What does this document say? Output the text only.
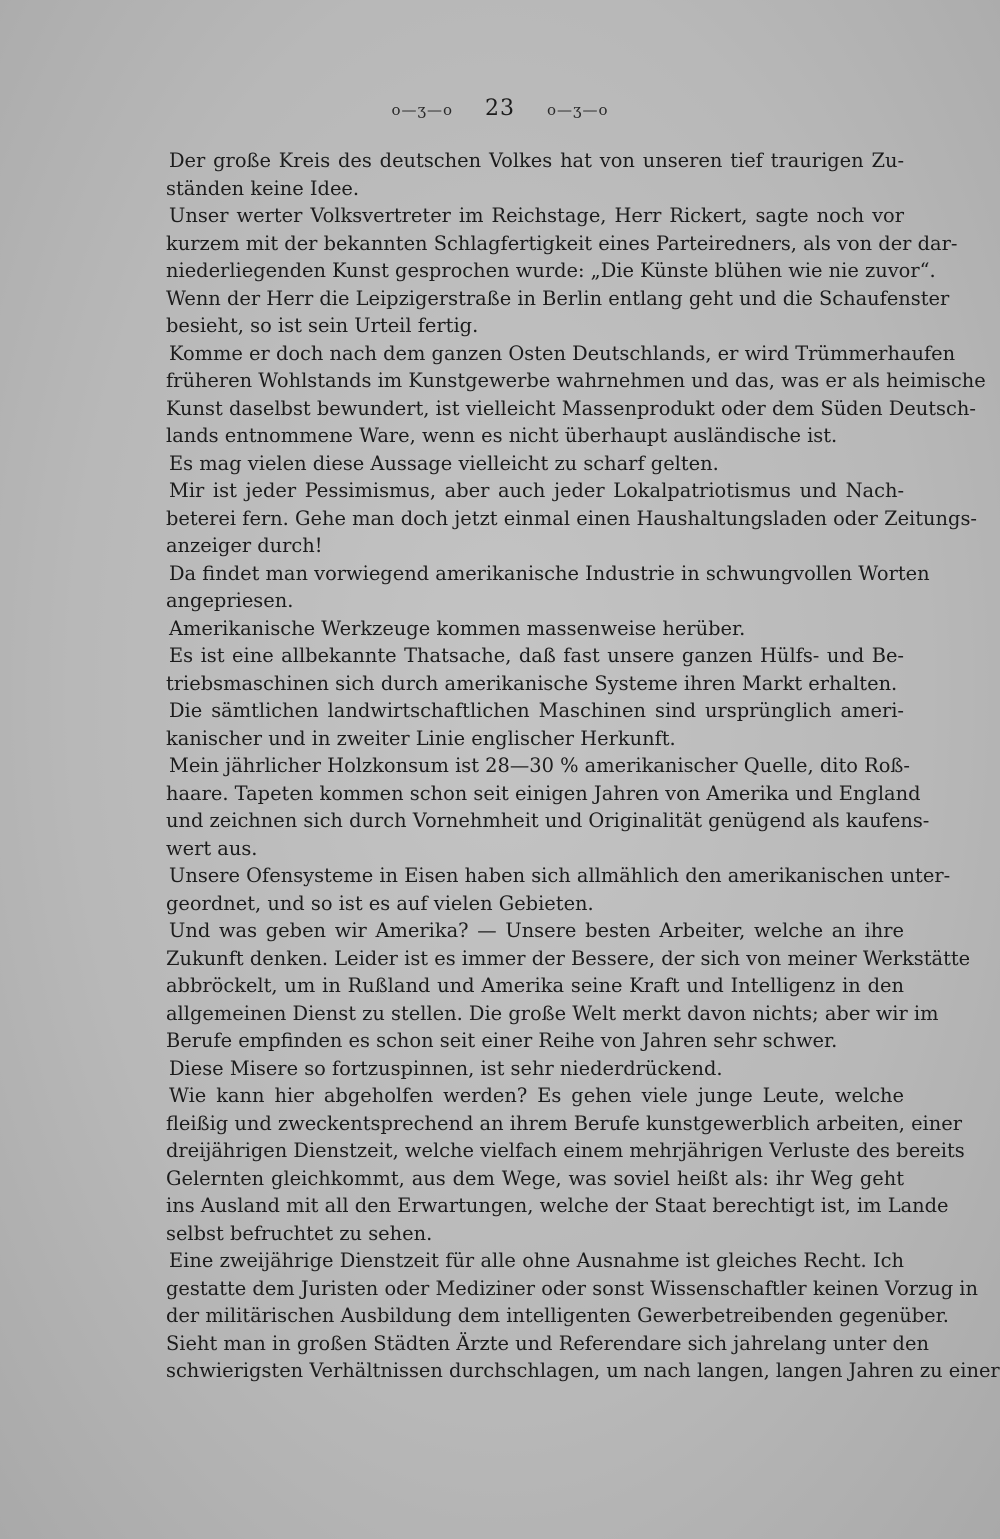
o—ʒ—o 23 o—ʒ—o
Der große Kreis des deutschen Volkes hat von unseren tief traurigen Zu-
ständen keine Idee.
Unser werter Volksvertreter im Reichstage, Herr Rickert, sagte noch vor
kurzem mit der bekannten Schlagfertigkeit eines Parteiredners, als von der dar-
niederliegenden Kunst gesprochen wurde: „Die Künste blühen wie nie zuvor“.
Wenn der Herr die Leipzigerstraße in Berlin entlang geht und die Schaufenster
besieht, so ist sein Urteil fertig.
Komme er doch nach dem ganzen Osten Deutschlands, er wird Trümmerhaufen
früheren Wohlstands im Kunstgewerbe wahrnehmen und das, was er als heimische
Kunst daselbst bewundert, ist vielleicht Massenprodukt oder dem Süden Deutsch-
lands entnommene Ware, wenn es nicht überhaupt ausländische ist.
Es mag vielen diese Aussage vielleicht zu scharf gelten.
Mir ist jeder Pessimismus, aber auch jeder Lokalpatriotismus und Nach-
beterei fern. Gehe man doch jetzt einmal einen Haushaltungsladen oder Zeitungs-
anzeiger durch!
Da findet man vorwiegend amerikanische Industrie in schwungvollen Worten
angepriesen.
Amerikanische Werkzeuge kommen massenweise herüber.
Es ist eine allbekannte Thatsache, daß fast unsere ganzen Hülfs- und Be-
triebsmaschinen sich durch amerikanische Systeme ihren Markt erhalten.
Die sämtlichen landwirtschaftlichen Maschinen sind ursprünglich ameri-
kanischer und in zweiter Linie englischer Herkunft.
Mein jährlicher Holzkonsum ist 28—30 % amerikanischer Quelle, dito Roß-
haare. Tapeten kommen schon seit einigen Jahren von Amerika und England
und zeichnen sich durch Vornehmheit und Originalität genügend als kaufens-
wert aus.
Unsere Ofensysteme in Eisen haben sich allmählich den amerikanischen unter-
geordnet, und so ist es auf vielen Gebieten.
Und was geben wir Amerika? — Unsere besten Arbeiter, welche an ihre
Zukunft denken. Leider ist es immer der Bessere, der sich von meiner Werkstätte
abbröckelt, um in Rußland und Amerika seine Kraft und Intelligenz in den
allgemeinen Dienst zu stellen. Die große Welt merkt davon nichts; aber wir im
Berufe empfinden es schon seit einer Reihe von Jahren sehr schwer.
Diese Misere so fortzuspinnen, ist sehr niederdrückend.
Wie kann hier abgeholfen werden? Es gehen viele junge Leute, welche
fleißig und zweckentsprechend an ihrem Berufe kunstgewerblich arbeiten, einer
dreijährigen Dienstzeit, welche vielfach einem mehrjährigen Verluste des bereits
Gelernten gleichkommt, aus dem Wege, was soviel heißt als: ihr Weg geht
ins Ausland mit all den Erwartungen, welche der Staat berechtigt ist, im Lande
selbst befruchtet zu sehen.
Eine zweijährige Dienstzeit für alle ohne Ausnahme ist gleiches Recht. Ich
gestatte dem Juristen oder Mediziner oder sonst Wissenschaftler keinen Vorzug in
der militärischen Ausbildung dem intelligenten Gewerbetreibenden gegenüber.
Sieht man in großen Städten Ärzte und Referendare sich jahrelang unter den
schwierigsten Verhältnissen durchschlagen, um nach langen, langen Jahren zu einer
